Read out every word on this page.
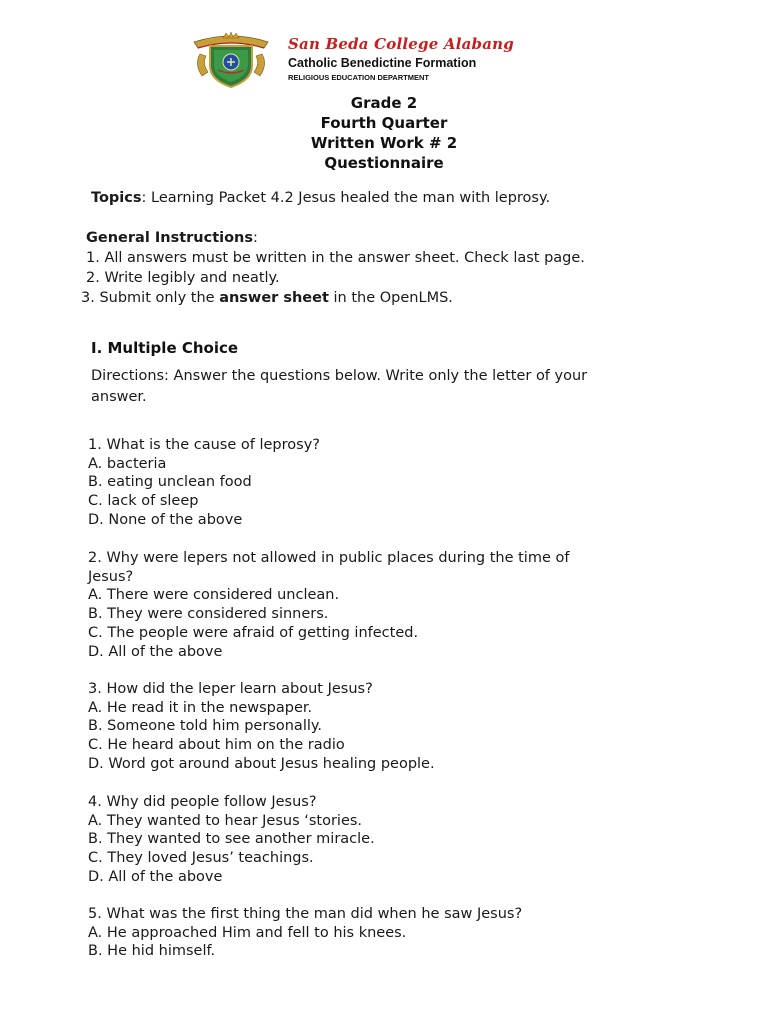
San Beda College Alabang
Catholic Benedictine Formation
RELIGIOUS EDUCATION DEPARTMENT
Grade 2
Fourth Quarter
Written Work # 2
Questionnaire
Topics: Learning Packet 4.2 Jesus healed the man with leprosy.
General Instructions:
1. All answers must be written in the answer sheet. Check last page.
2. Write legibly and neatly.
3. Submit only the answer sheet in the OpenLMS.
I. Multiple Choice
Directions: Answer the questions below. Write only the letter of your
answer.
1. What is the cause of leprosy?
A. bacteria
B. eating unclean food
C. lack of sleep
D. None of the above
2. Why were lepers not allowed in public places during the time of
Jesus?
A. There were considered unclean.
B. They were considered sinners.
C. The people were afraid of getting infected.
D. All of the above
3. How did the leper learn about Jesus?
A. He read it in the newspaper.
B. Someone told him personally.
C. He heard about him on the radio
D. Word got around about Jesus healing people.
4. Why did people follow Jesus?
A. They wanted to hear Jesus ‘stories.
B. They wanted to see another miracle.
C. They loved Jesus’ teachings.
D. All of the above
5. What was the first thing the man did when he saw Jesus?
A. He approached Him and fell to his knees.
B. He hid himself.
